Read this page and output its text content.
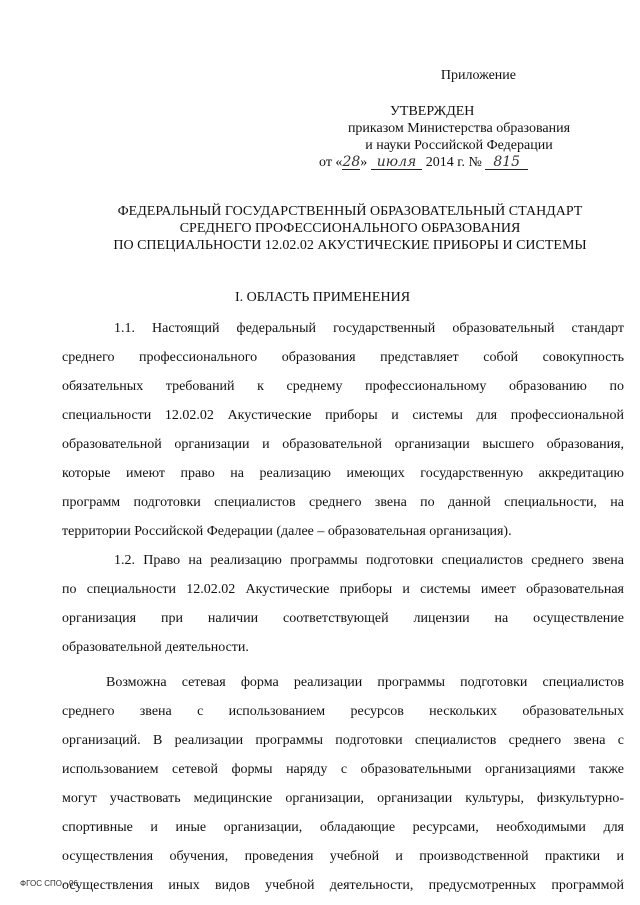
Приложение
УТВЕРЖДЕН
приказом Министерства образования
и науки Российской Федерации
от «28» июля 2014 г. № 815
ФЕДЕРАЛЬНЫЙ ГОСУДАРСТВЕННЫЙ ОБРАЗОВАТЕЛЬНЫЙ СТАНДАРТ
СРЕДНЕГО ПРОФЕССИОНАЛЬНОГО ОБРАЗОВАНИЯ
ПО СПЕЦИАЛЬНОСТИ 12.02.02 АКУСТИЧЕСКИЕ ПРИБОРЫ И СИСТЕМЫ
I. ОБЛАСТЬ ПРИМЕНЕНИЯ
1.1. Настоящий федеральный государственный образовательный стандарт
среднего профессионального образования представляет собой совокупность
обязательных требований к среднему профессиональному образованию по
специальности 12.02.02 Акустические приборы и системы для профессиональной
образовательной организации и образовательной организации высшего образования,
которые имеют право на реализацию имеющих государственную аккредитацию
программ подготовки специалистов среднего звена по данной специальности, на
территории Российской Федерации (далее – образовательная организация).
1.2. Право на реализацию программы подготовки специалистов среднего звена
по специальности 12.02.02 Акустические приборы и системы имеет образовательная
организация при наличии соответствующей лицензии на осуществление
образовательной деятельности.
Возможна сетевая форма реализации программы подготовки специалистов
среднего звена с использованием ресурсов нескольких образовательных
организаций. В реализации программы подготовки специалистов среднего звена с
использованием сетевой формы наряду с образовательными организациями также
могут участвовать медицинские организации, организации культуры, физкультурно-
спортивные и иные организации, обладающие ресурсами, необходимыми для
осуществления обучения, проведения учебной и производственной практики и
осуществления иных видов учебной деятельности, предусмотренных программой
ФГОС СПО - 06
